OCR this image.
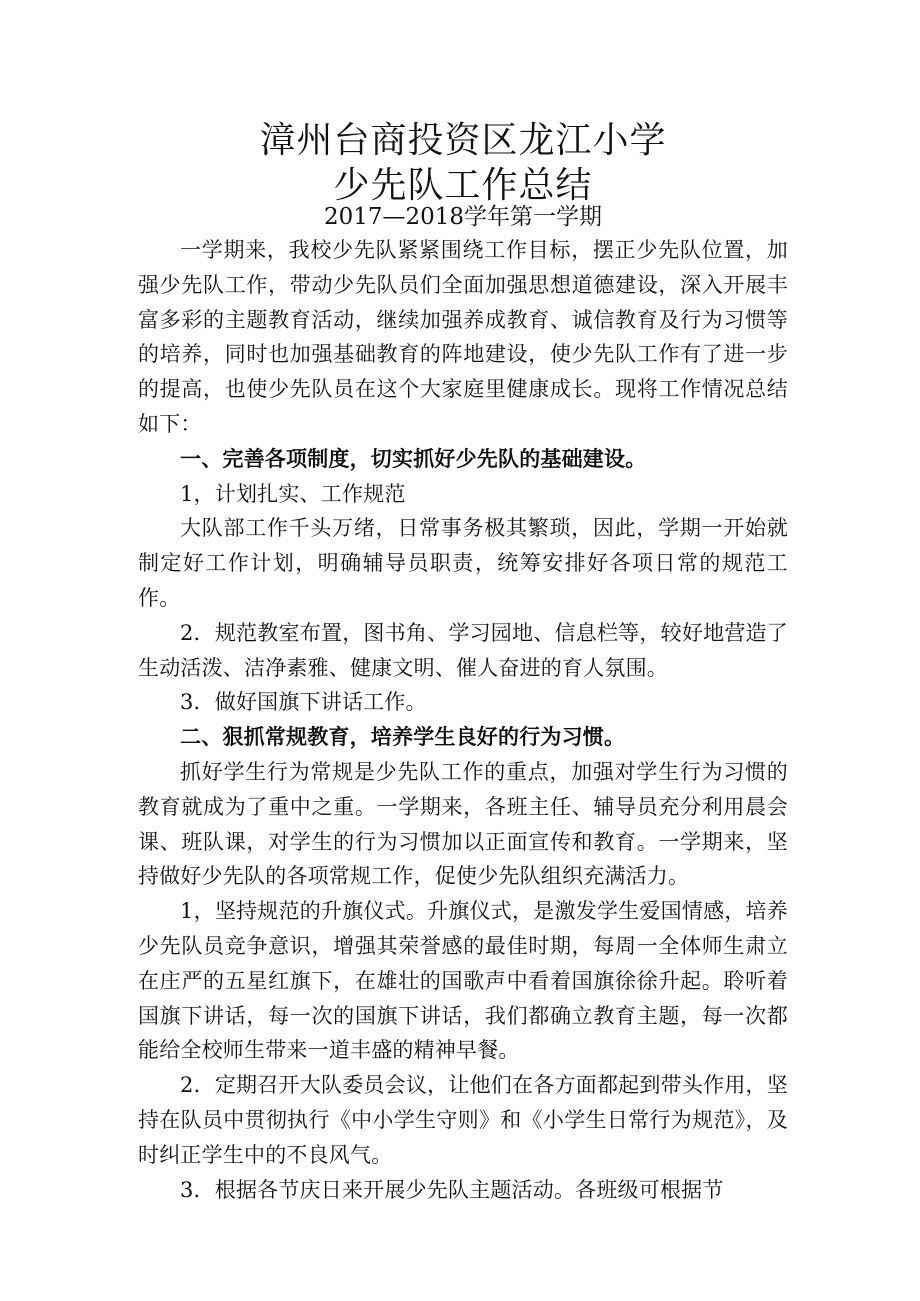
漳州台商投资区龙江小学
少先队工作总结
2017—2018学年第一学期

一学期来，我校少先队紧紧围绕工作目标，摆正少先队位置，加强少先队工作，带动少先队员们全面加强思想道德建设，深入开展丰富多彩的主题教育活动，继续加强养成教育、诚信教育及行为习惯等的培养，同时也加强基础教育的阵地建设，使少先队工作有了进一步的提高，也使少先队员在这个大家庭里健康成长。现将工作情况总结如下：

一、完善各项制度，切实抓好少先队的基础建设。

1，计划扎实、工作规范

大队部工作千头万绪，日常事务极其繁琐，因此，学期一开始就制定好工作计划，明确辅导员职责，统筹安排好各项日常的规范工作。

2．规范教室布置，图书角、学习园地、信息栏等，较好地营造了生动活泼、洁净素雅、健康文明、催人奋进的育人氛围。

3．做好国旗下讲话工作。

二、狠抓常规教育，培养学生良好的行为习惯。

抓好学生行为常规是少先队工作的重点，加强对学生行为习惯的教育就成为了重中之重。一学期来，各班主任、辅导员充分利用晨会课、班队课，对学生的行为习惯加以正面宣传和教育。一学期来，坚持做好少先队的各项常规工作，促使少先队组织充满活力。

1，坚持规范的升旗仪式。升旗仪式，是激发学生爱国情感，培养少先队员竞争意识，增强其荣誉感的最佳时期，每周一全体师生肃立在庄严的五星红旗下，在雄壮的国歌声中看着国旗徐徐升起。聆听着国旗下讲话，每一次的国旗下讲话，我们都确立教育主题，每一次都能给全校师生带来一道丰盛的精神早餐。

2．定期召开大队委员会议，让他们在各方面都起到带头作用，坚持在队员中贯彻执行《中小学生守则》和《小学生日常行为规范》，及时纠正学生中的不良风气。

3．根据各节庆日来开展少先队主题活动。各班级可根据节
